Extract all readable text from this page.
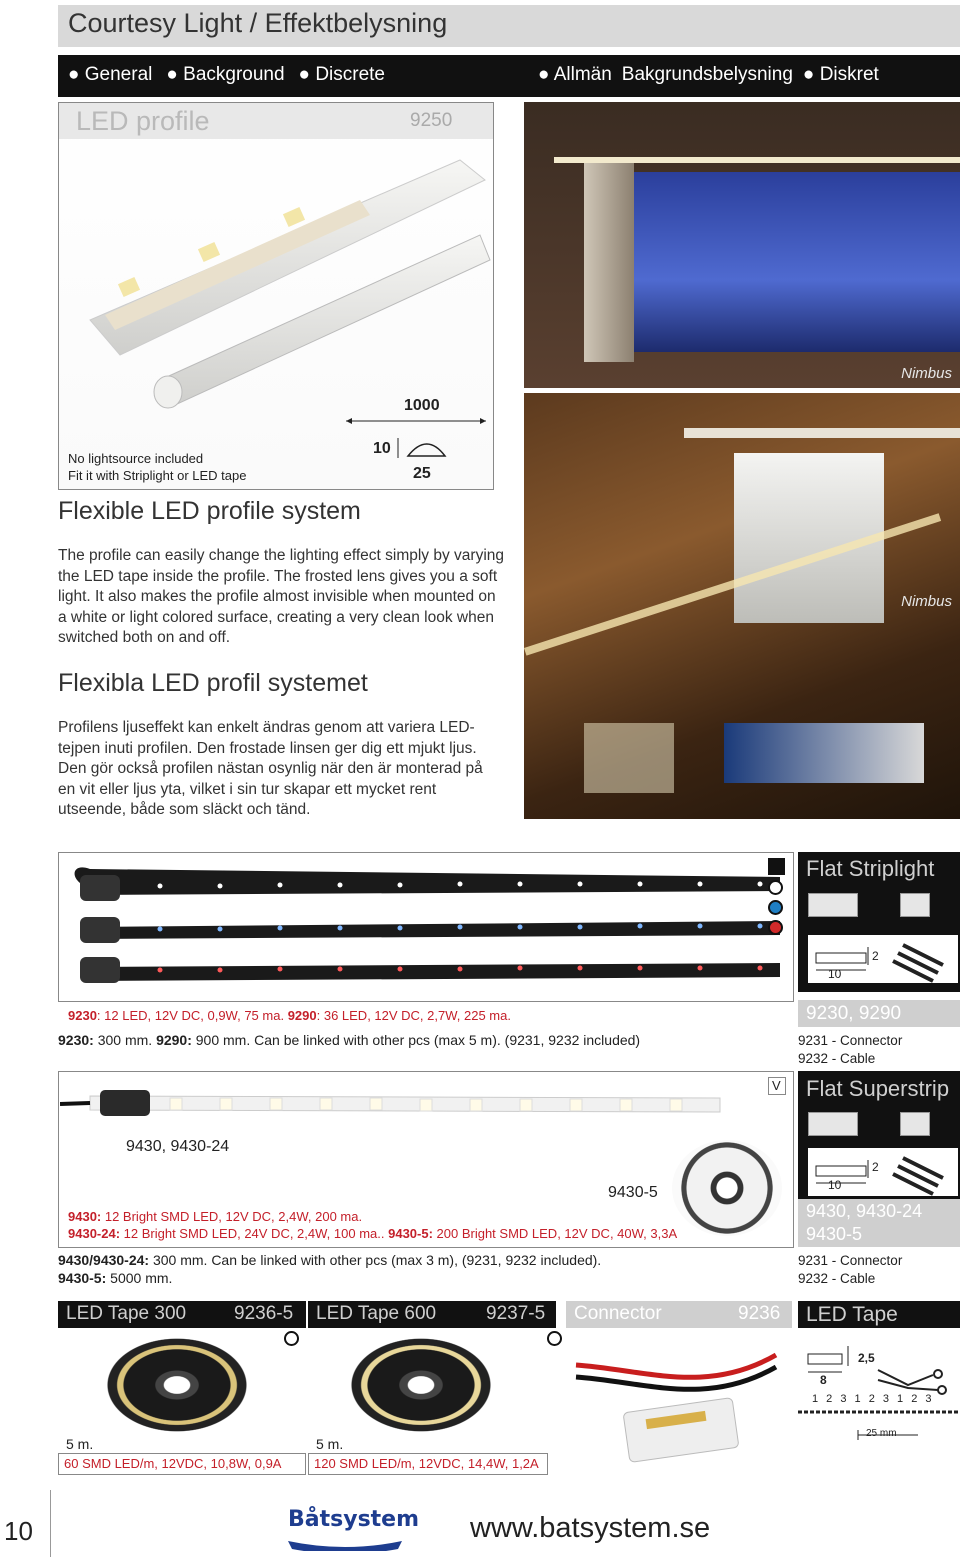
Courtesy Light / Effektbelysning
● General ● Background ● Discrete	● Allmän Bakgrundsbelysning ● Diskret
LED profile	9250
No lightsource included
Fit it with Striplight or LED tape
1000
10
25
Nimbus
Nimbus
Flexible LED profile system
The profile can easily change the lighting effect simply by varying the LED tape inside the profile. The frosted lens gives you a soft light. It also makes the profile almost invisible when mounted on a white or light colored surface, creating a very clean look when switched both on and off.
Flexibla LED profil systemet
Profilens ljuseffekt kan enkelt ändras genom att variera LED-tejpen inuti profilen. Den frostade linsen ger dig ett mjukt ljus. Den gör också profilen nästan osynlig när den är monterad på en vit eller ljus yta, vilket i sin tur skapar ett mycket rent utseende, både som släckt och tänd.
Flat Striplight
2
10
9230: 12 LED, 12V DC, 0,9W, 75 ma. 9290: 36 LED, 12V DC, 2,7W, 225 ma.
9230: 300 mm. 9290: 900 mm. Can be linked with other pcs (max 5 m). (9231, 9232 included)
9230, 9290
9231 - Connector
9232 - Cable
9430, 9430-24
9430-5
V Flat Superstrip
2
10
9430: 12 Bright SMD LED, 12V DC, 2,4W, 200 ma.
9430-24: 12 Bright SMD LED, 24V DC, 2,4W, 100 ma.. 9430-5: 200 Bright SMD LED, 12V DC, 40W, 3,3A
9430/9430-24: 300 mm. Can be linked with other pcs (max 3 m), (9231, 9232 included).
9430-5: 5000 mm.
9430, 9430-24
9430-5
9231 - Connector
9232 - Cable
LED Tape 300	9236-5
5 m.
60 SMD LED/m, 12VDC, 10,8W, 0,9A
LED Tape 600	9237-5
5 m.
120 SMD LED/m, 12VDC, 14,4W, 1,2A
Connector	9236 LED Tape
2,5
8
1 2 3 1 2 3 1 2 3
25 mm
10	Båtsystem www.batsystem.se
